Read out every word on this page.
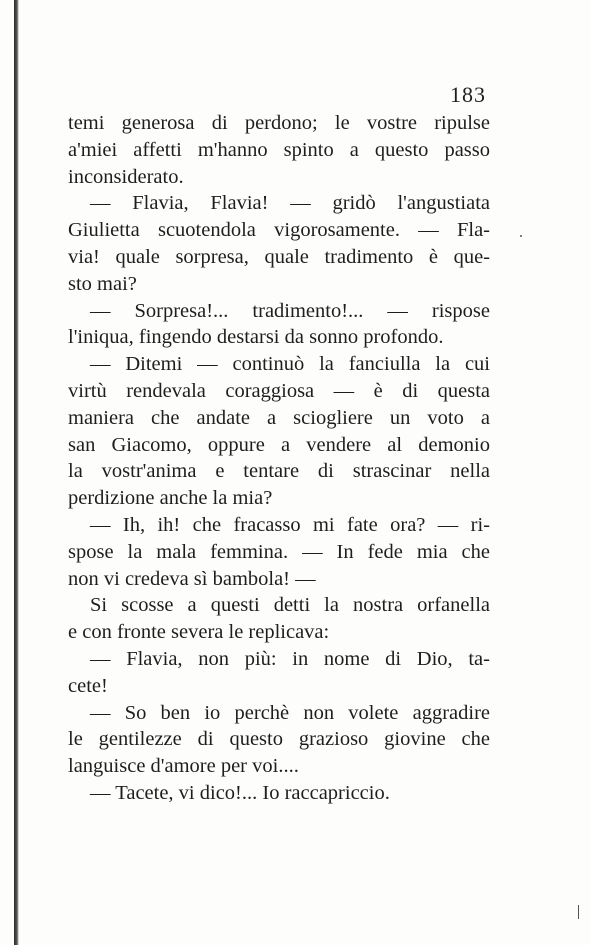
183

temi generosa di perdono; le vostre ripulse
a'miei affetti m'hanno spinto a questo passo
inconsiderato.

— Flavia, Flavia! — gridò l'angustiata
Giulietta scuotendola vigorosamente. — Fla-
via! quale sorpresa, quale tradimento è que-
sto mai?

— Sorpresa!... tradimento!... — rispose
l'iniqua, fingendo destarsi da sonno profondo.

— Ditemi — continuò la fanciulla la cui
virtù rendevala coraggiosa — è di questa
maniera che andate a sciogliere un voto a
san Giacomo, oppure a vendere al demonio
la vostr'anima e tentare di strascinar nella
perdizione anche la mia?

— Ih, ih! che fracasso mi fate ora? — ri-
spose la mala femmina. — In fede mia che
non vi credeva sì bambola! —

Si scosse a questi detti la nostra orfanella
e con fronte severa le replicava:

— Flavia, non più: in nome di Dio, ta-
cete!

— So ben io perchè non volete aggradire
le gentilezze di questo grazioso giovine che
languisce d'amore per voi....

— Tacete, vi dico!... Io raccapriccio.
